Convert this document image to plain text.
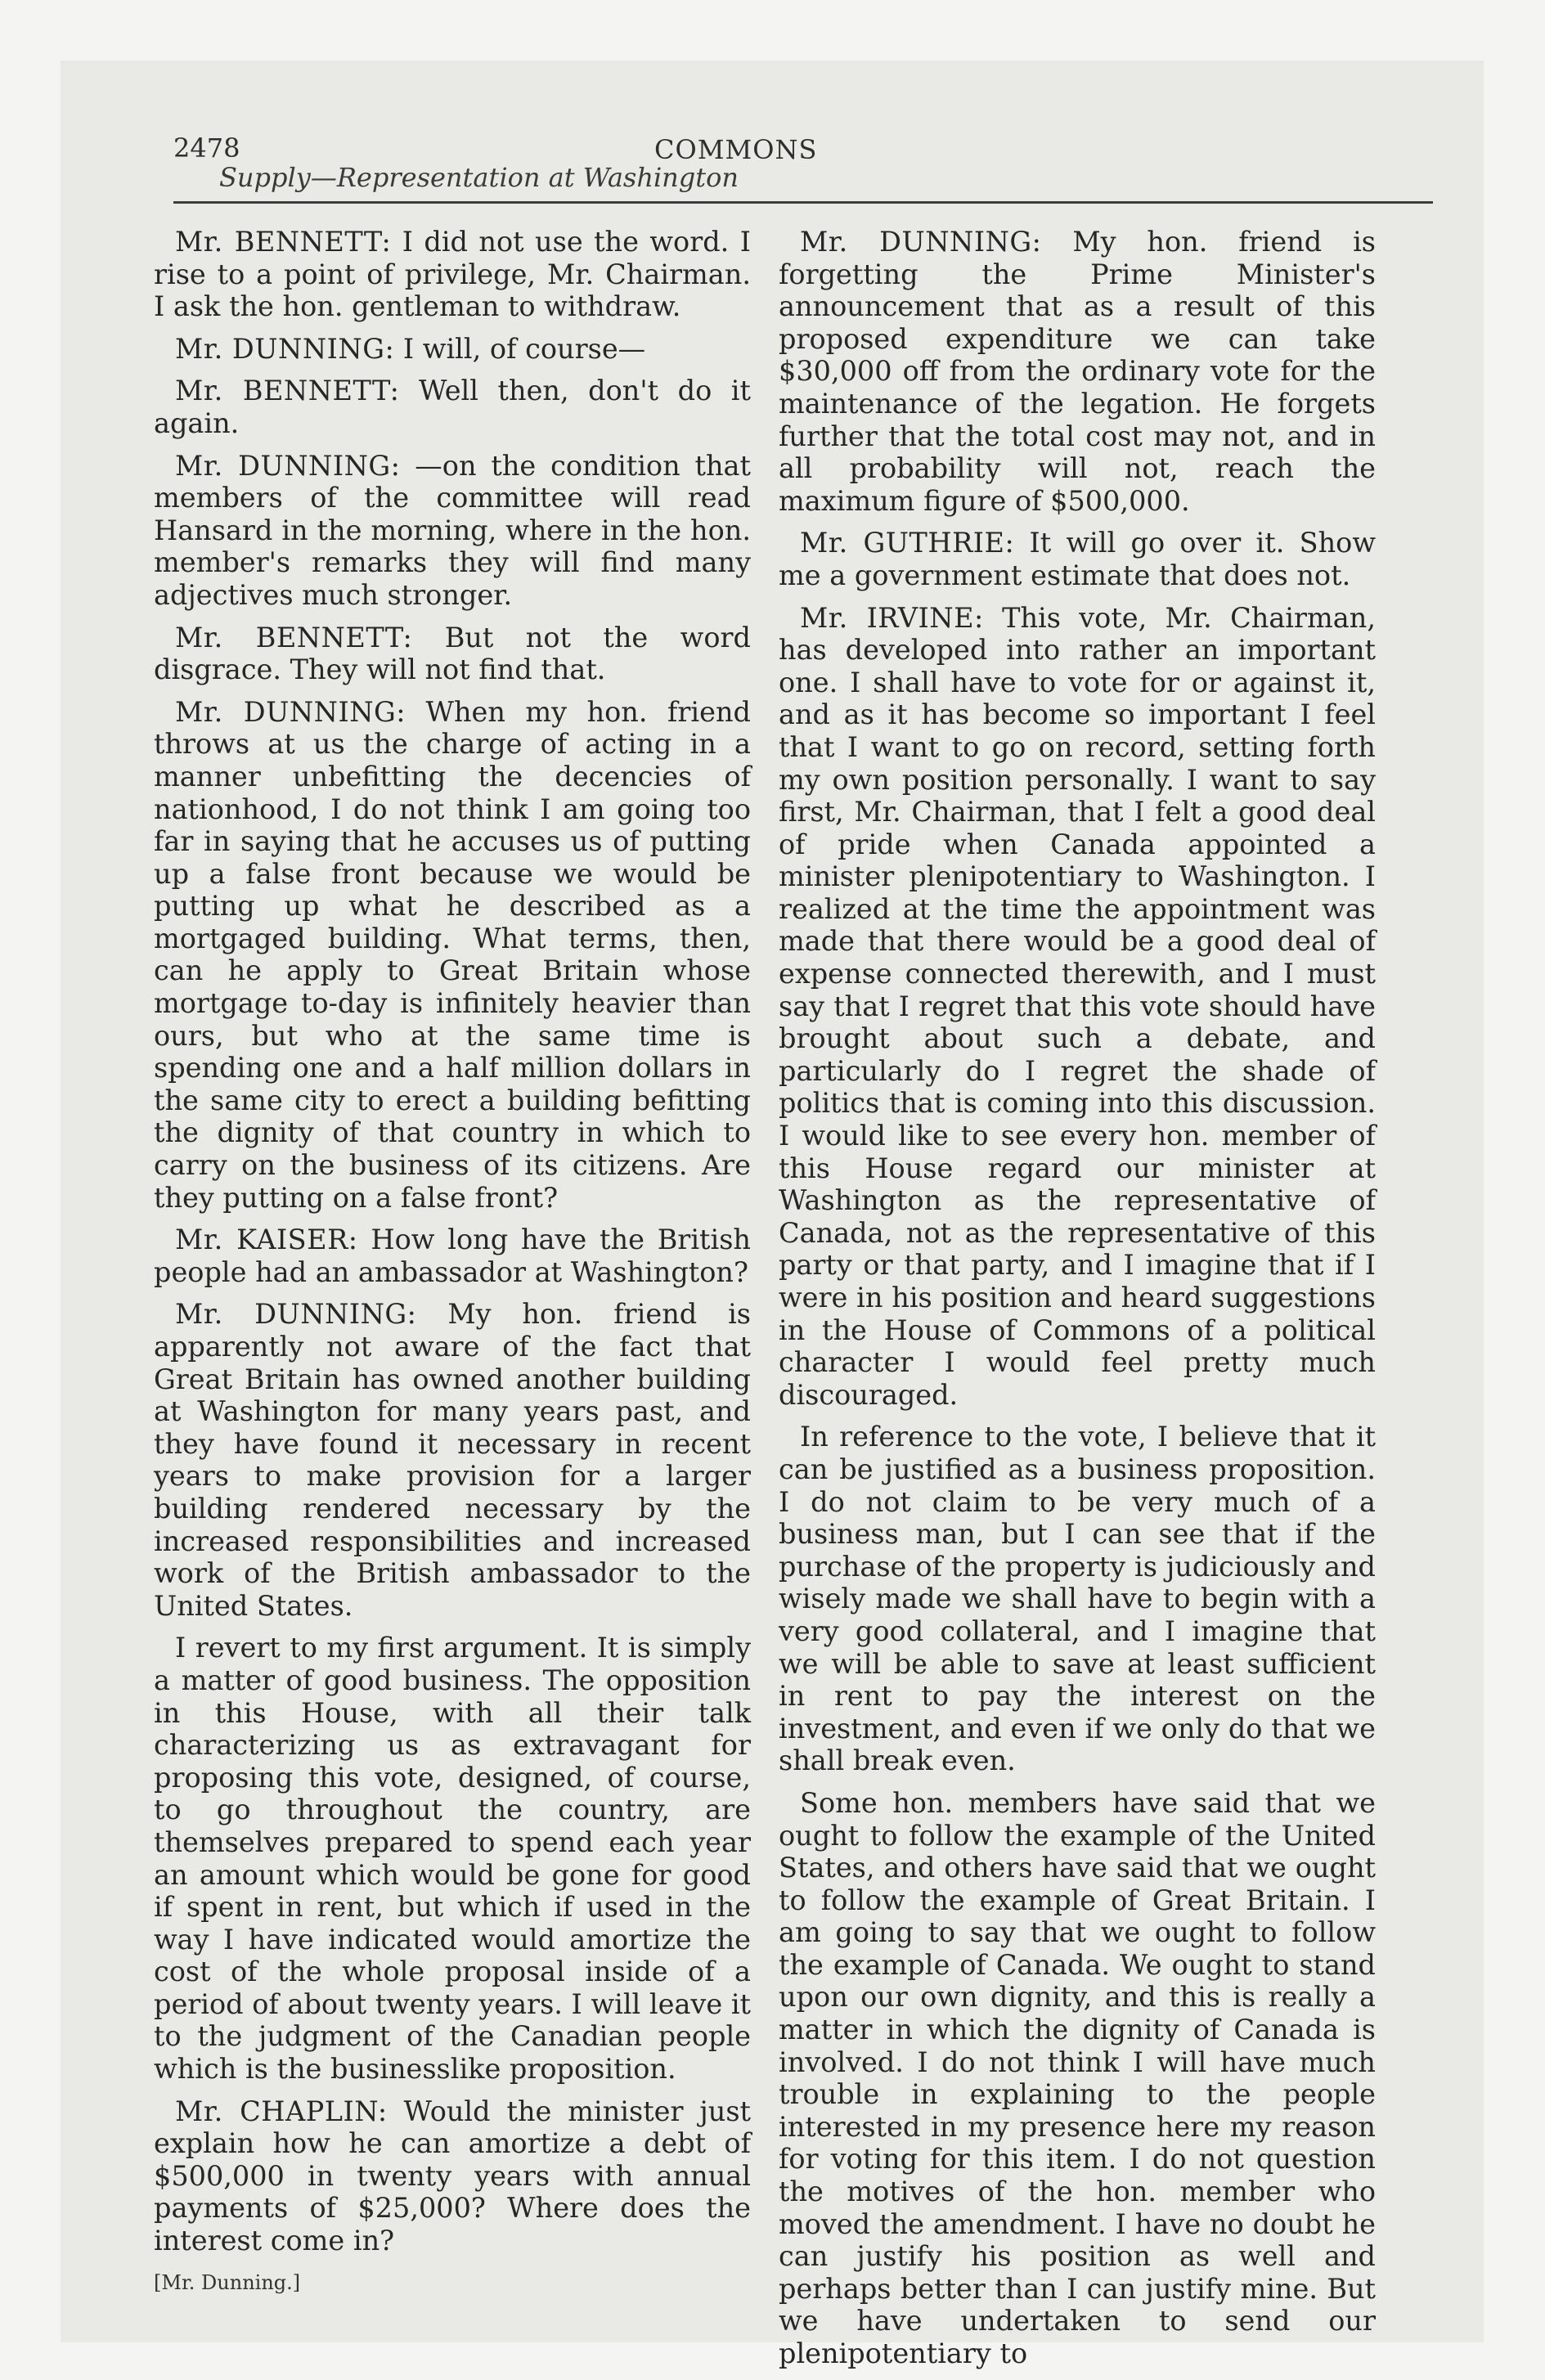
2478	COMMONS
Supply—Representation at Washington

Mr. BENNETT: I did not use the word. I rise to a point of privilege, Mr. Chairman. I ask the hon. gentleman to withdraw.

Mr. DUNNING: I will, of course—

Mr. BENNETT: Well then, don't do it again.

Mr. DUNNING: —on the condition that members of the committee will read Hansard in the morning, where in the hon. member's remarks they will find many adjectives much stronger.

Mr. BENNETT: But not the word disgrace. They will not find that.

Mr. DUNNING: When my hon. friend throws at us the charge of acting in a manner unbefitting the decencies of nationhood, I do not think I am going too far in saying that he accuses us of putting up a false front because we would be putting up what he described as a mortgaged building. What terms, then, can he apply to Great Britain whose mortgage to-day is infinitely heavier than ours, but who at the same time is spending one and a half million dollars in the same city to erect a building befitting the dignity of that country in which to carry on the business of its citizens. Are they putting on a false front?

Mr. KAISER: How long have the British people had an ambassador at Washington?

Mr. DUNNING: My hon. friend is apparently not aware of the fact that Great Britain has owned another building at Washington for many years past, and they have found it necessary in recent years to make provision for a larger building rendered necessary by the increased responsibilities and increased work of the British ambassador to the United States.

I revert to my first argument. It is simply a matter of good business. The opposition in this House, with all their talk characterizing us as extravagant for proposing this vote, designed, of course, to go throughout the country, are themselves prepared to spend each year an amount which would be gone for good if spent in rent, but which if used in the way I have indicated would amortize the cost of the whole proposal inside of a period of about twenty years. I will leave it to the judgment of the Canadian people which is the businesslike proposition.

Mr. CHAPLIN: Would the minister just explain how he can amortize a debt of $500,000 in twenty years with annual payments of $25,000? Where does the interest come in?

[Mr. Dunning.]

Mr. DUNNING: My hon. friend is forgetting the Prime Minister's announcement that as a result of this proposed expenditure we can take $30,000 off from the ordinary vote for the maintenance of the legation. He forgets further that the total cost may not, and in all probability will not, reach the maximum figure of $500,000.

Mr. GUTHRIE: It will go over it. Show me a government estimate that does not.

Mr. IRVINE: This vote, Mr. Chairman, has developed into rather an important one. I shall have to vote for or against it, and as it has become so important I feel that I want to go on record, setting forth my own position personally. I want to say first, Mr. Chairman, that I felt a good deal of pride when Canada appointed a minister plenipotentiary to Washington. I realized at the time the appointment was made that there would be a good deal of expense connected therewith, and I must say that I regret that this vote should have brought about such a debate, and particularly do I regret the shade of politics that is coming into this discussion. I would like to see every hon. member of this House regard our minister at Washington as the representative of Canada, not as the representative of this party or that party, and I imagine that if I were in his position and heard suggestions in the House of Commons of a political character I would feel pretty much discouraged.

In reference to the vote, I believe that it can be justified as a business proposition. I do not claim to be very much of a business man, but I can see that if the purchase of the property is judiciously and wisely made we shall have to begin with a very good collateral, and I imagine that we will be able to save at least sufficient in rent to pay the interest on the investment, and even if we only do that we shall break even.

Some hon. members have said that we ought to follow the example of the United States, and others have said that we ought to follow the example of Great Britain. I am going to say that we ought to follow the example of Canada. We ought to stand upon our own dignity, and this is really a matter in which the dignity of Canada is involved. I do not think I will have much trouble in explaining to the people interested in my presence here my reason for voting for this item. I do not question the motives of the hon. member who moved the amendment. I have no doubt he can justify his position as well and perhaps better than I can justify mine. But we have undertaken to send our plenipotentiary to
